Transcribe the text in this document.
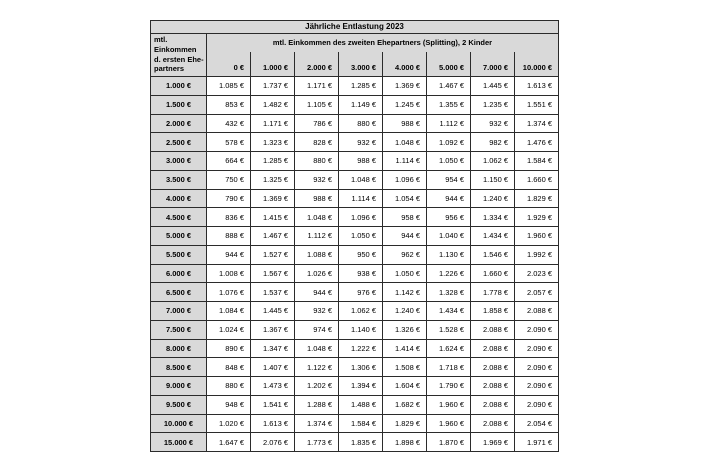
Jährliche Entlastung 2023								

mtl. Einkommen
d. ersten Ehe-
partners	mtl. Einkommen des zweiten Ehepartners (Splitting), 2 Kinder							
	0 €	1.000 €	2.000 €	3.000 €	4.000 €	5.000 €	7.000 €	10.000 €
1.000 €	1.085 €	1.737 €	1.171 €	1.285 €	1.369 €	1.467 €	1.445 €	1.613 €
1.500 €	853 €	1.482 €	1.105 €	1.149 €	1.245 €	1.355 €	1.235 €	1.551 €
2.000 €	432 €	1.171 €	786 €	880 €	988 €	1.112 €	932 €	1.374 €
2.500 €	578 €	1.323 €	828 €	932 €	1.048 €	1.092 €	982 €	1.476 €
3.000 €	664 €	1.285 €	880 €	988 €	1.114 €	1.050 €	1.062 €	1.584 €
3.500 €	750 €	1.325 €	932 €	1.048 €	1.096 €	954 €	1.150 €	1.660 €
4.000 €	790 €	1.369 €	988 €	1.114 €	1.054 €	944 €	1.240 €	1.829 €
4.500 €	836 €	1.415 €	1.048 €	1.096 €	958 €	956 €	1.334 €	1.929 €
5.000 €	888 €	1.467 €	1.112 €	1.050 €	944 €	1.040 €	1.434 €	1.960 €
5.500 €	944 €	1.527 €	1.088 €	950 €	962 €	1.130 €	1.546 €	1.992 €
6.000 €	1.008 €	1.567 €	1.026 €	938 €	1.050 €	1.226 €	1.660 €	2.023 €
6.500 €	1.076 €	1.537 €	944 €	976 €	1.142 €	1.328 €	1.778 €	2.057 €
7.000 €	1.084 €	1.445 €	932 €	1.062 €	1.240 €	1.434 €	1.858 €	2.088 €
7.500 €	1.024 €	1.367 €	974 €	1.140 €	1.326 €	1.528 €	2.088 €	2.090 €
8.000 €	890 €	1.347 €	1.048 €	1.222 €	1.414 €	1.624 €	2.088 €	2.090 €
8.500 €	848 €	1.407 €	1.122 €	1.306 €	1.508 €	1.718 €	2.088 €	2.090 €
9.000 €	880 €	1.473 €	1.202 €	1.394 €	1.604 €	1.790 €	2.088 €	2.090 €
9.500 €	948 €	1.541 €	1.288 €	1.488 €	1.682 €	1.960 €	2.088 €	2.090 €
10.000 €	1.020 €	1.613 €	1.374 €	1.584 €	1.829 €	1.960 €	2.088 €	2.054 €
15.000 €	1.647 €	2.076 €	1.773 €	1.835 €	1.898 €	1.870 €	1.969 €	1.971 €
